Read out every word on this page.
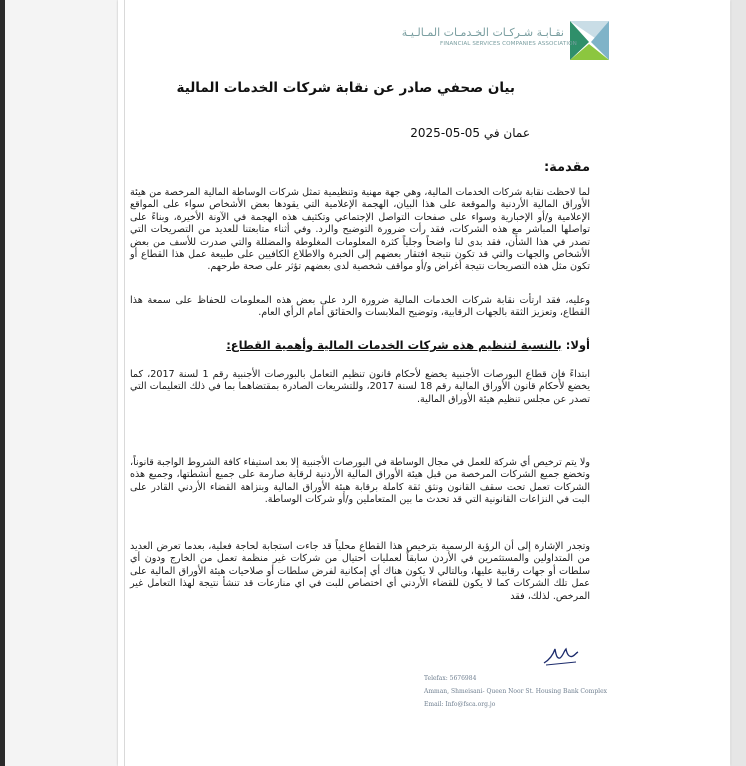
نقـابـة شـركـات الخـدمـات المـالـيـة
FINANCIAL SERVICES COMPANIES ASSOCIATION
بيان صحفي صادر عن نقابة شركات الخدمات المالية
عمان في 05-05-2025
مقدمة:
لما لاحظت نقابة شركات الخدمات المالية، وهي جهة مهنية وتنظيمية تمثل شركات الوساطة المالية المرخصة من هيئة الأوراق المالية الأردنية والموقعة على هذا البيان، الهجمة الإعلامية التي يقودها بعض الأشخاص سواء على المواقع الإعلامية و/أو الإخبارية وسواء على صفحات التواصل الإجتماعي وتكثيف هذه الهجمة في الآونة الأخيرة، وبناءً على تواصلها المباشر مع هذه الشركات، فقد رأت ضرورة التوضيح والرد. وفي أثناء متابعتنا للعديد من التصريحات التي تصدر في هذا الشأن، فقد بدى لنا واضحاً وجلياً كثرة المعلومات المغلوطة والمضللة والتي صدرت للأسف من بعض الأشخاص والجهات والتي قد تكون نتيجة افتقار بعضهم إلى الخبرة والاطلاع الكافيين على طبيعة عمل هذا القطاع أو تكون مثل هذه التصريحات نتيجة أغراض و/أو مواقف شخصية لدى بعضهم تؤثر على صحة طرحهم.
وعليه، فقد ارتأت نقابة شركات الخدمات المالية ضرورة الرد على بعض هذه المعلومات للحفاظ على سمعة هذا القطاع، وتعزيز الثقة بالجهات الرقابية، وتوضيح الملابسات والحقائق أمام الرأي العام.
أولا: بالنسبة لتنظيم هذه شركات الخدمات المالية وأهمية القطاع:
ابتداءً فإن قطاع البورصات الأجنبية يخضع لأحكام قانون تنظيم التعامل بالبورصات الأجنبية رقم 1 لسنة 2017، كما يخضع لأحكام قانون الأوراق المالية رقم 18 لسنة 2017، وللتشريعات الصادرة بمقتضاهما بما في ذلك التعليمات التي تصدر عن مجلس تنظيم هيئة الأوراق المالية.
ولا يتم ترخيص أي شركة للعمل في مجال الوساطة في البورصات الأجنبية إلا بعد استيفاء كافة الشروط الواجبة قانوناً، وتخضع جميع الشركات المرخصة من قبل هيئة الأوراق المالية الأردنية لرقابة صارمة على جميع أنشطتها، وجميع هذه الشركات تعمل تحت سقف القانون ونثق ثقة كاملة برقابة هيئة الأوراق المالية وبنزاهة القضاء الأردني القادر على البت في النزاعات القانونية التي قد تحدث ما بين المتعاملين و/أو شركات الوساطة.
وتجدر الإشارة إلى أن الرؤية الرسمية بترخيص هذا القطاع محلياً قد جاءت استجابة لحاجة فعلية، بعدما تعرض العديد من المتداولين والمستثمرين في الأردن سابقاً لعمليات احتيال من شركات غير منظمة تعمل من الخارج ودون أي سلطات أو جهات رقابية عليها، وبالتالي لا يكون هناك أي إمكانية لفرض سلطات أو صلاحيات هيئة الأوراق المالية على عمل تلك الشركات كما لا يكون للقضاء الأردني أي اختصاص للبت في اي منازعات قد تنشأ نتيجة لهذا التعامل غير المرخص. لذلك، فقد
Telefax: 5676984
Amman, Shmeisani- Queen Noor St. Housing Bank Complex
Email: Info@fsca.org.jo
